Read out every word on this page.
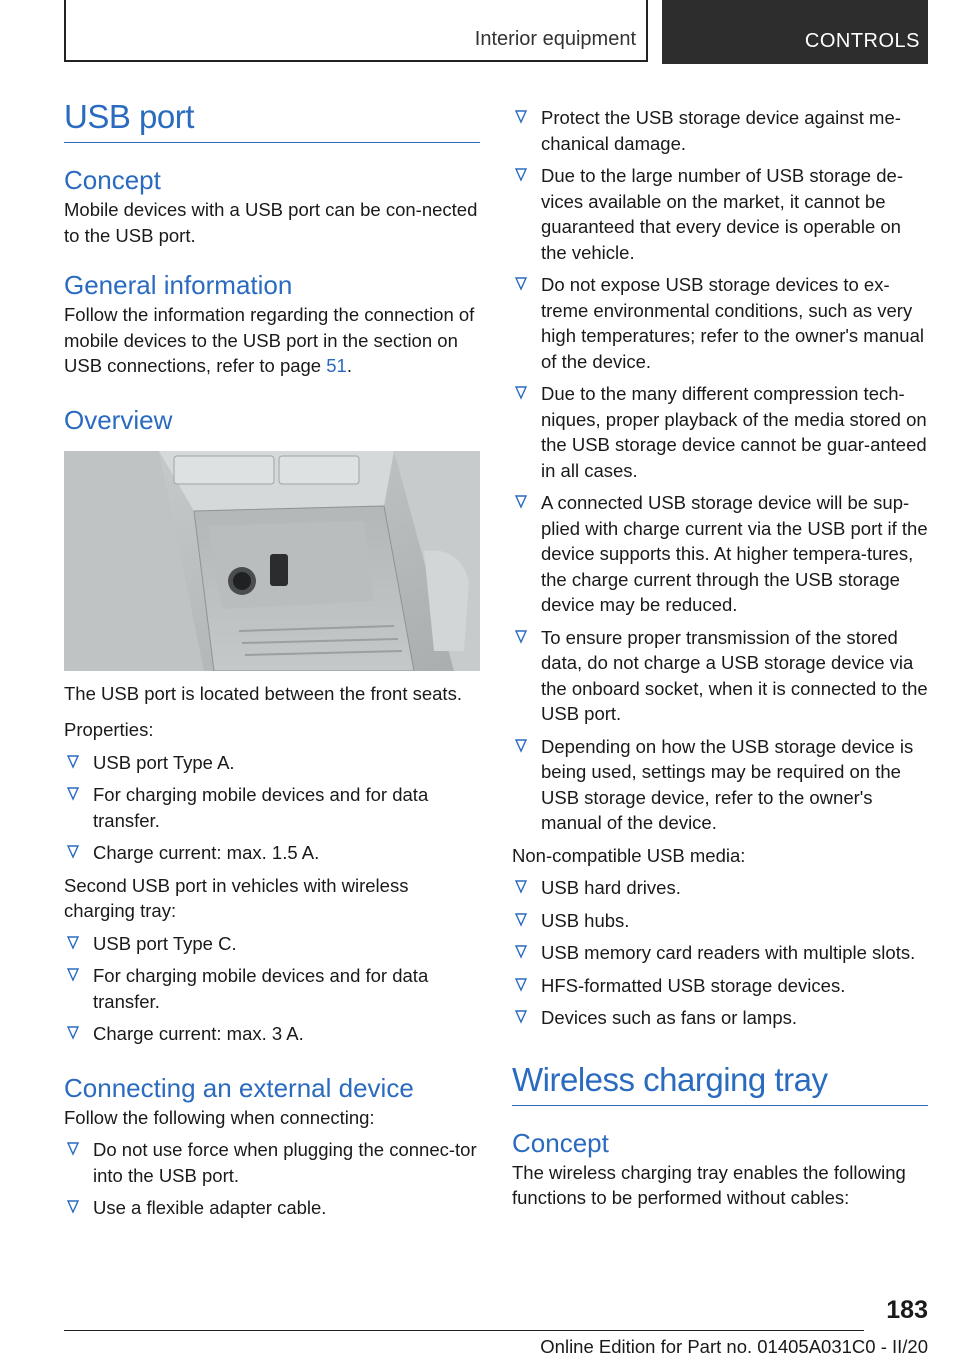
Interior equipment	CONTROLS
USB port
Concept

Mobile devices with a USB port can be con-nected to the USB port.

General information

Follow the information regarding the connection of mobile devices to the USB port in the section on USB connections, refer to page 51.

Overview

The USB port is located between the front seats.

Properties:

USB port Type A.
For charging mobile devices and for data transfer.
Charge current: max. 1.5 A.

Second USB port in vehicles with wireless charging tray:

USB port Type C.
For charging mobile devices and for data transfer.
Charge current: max. 3 A.
Connecting an external device

Follow the following when connecting:

Do not use force when plugging the connec-tor into the USB port.
Use a flexible adapter cable.
Protect the USB storage device against me-chanical damage.
Due to the large number of USB storage de-vices available on the market, it cannot be guaranteed that every device is operable on the vehicle.
Do not expose USB storage devices to ex-treme environmental conditions, such as very high temperatures; refer to the owner's manual of the device.
Due to the many different compression tech-niques, proper playback of the media stored on the USB storage device cannot be guar-anteed in all cases.
A connected USB storage device will be sup-plied with charge current via the USB port if the device supports this. At higher tempera-tures, the charge current through the USB storage device may be reduced.
To ensure proper transmission of the stored data, do not charge a USB storage device via the onboard socket, when it is connected to the USB port.
Depending on how the USB storage device is being used, settings may be required on the USB storage device, refer to the owner's manual of the device.

Non-compatible USB media:

USB hard drives.
USB hubs.
USB memory card readers with multiple slots.
HFS-formatted USB storage devices.
Devices such as fans or lamps.
Wireless charging tray
Concept

The wireless charging tray enables the following functions to be performed without cables:

183
Online Edition for Part no. 01405A031C0 - II/20
